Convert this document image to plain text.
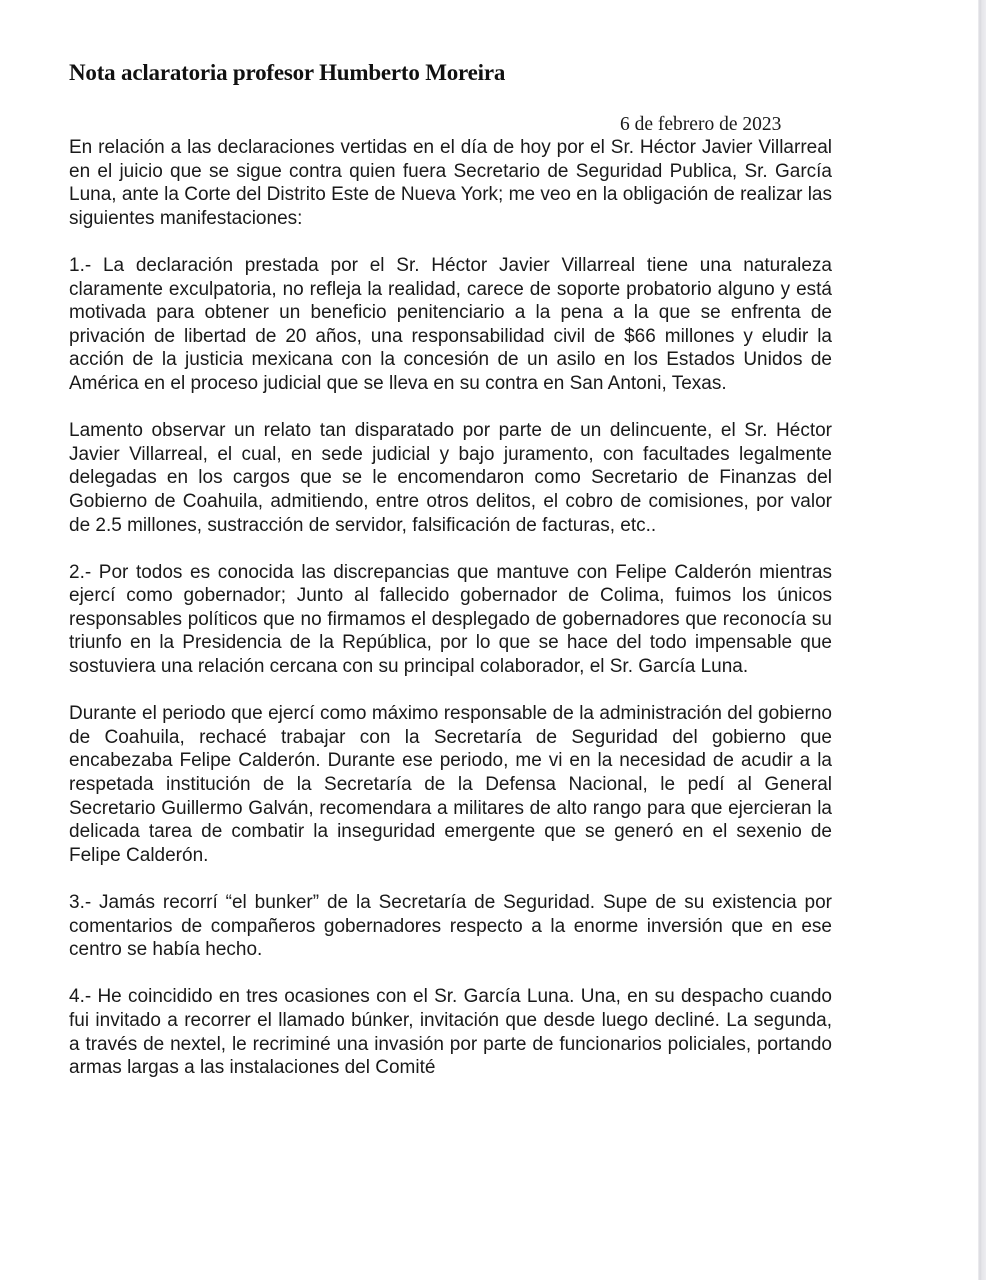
Nota aclaratoria profesor Humberto Moreira
6 de febrero de 2023

En relación a las declaraciones vertidas en el día de hoy por el Sr. Héctor Javier Villarreal en el juicio que se sigue contra quien fuera Secretario de Seguridad Publica, Sr. García Luna, ante la Corte del Distrito Este de Nueva York; me veo en la obligación de realizar las siguientes manifestaciones:

1.- La declaración prestada por el Sr. Héctor Javier Villarreal tiene una naturaleza claramente exculpatoria, no refleja la realidad, carece de soporte probatorio alguno y está motivada para obtener un beneficio penitenciario a la pena a la que se enfrenta de privación de libertad de 20 años, una responsabilidad civil de $66 millones y eludir la acción de la justicia mexicana con la concesión de un asilo en los Estados Unidos de América en el proceso judicial que se lleva en su contra en San Antoni, Texas.

Lamento observar un relato tan disparatado por parte de un delincuente, el Sr. Héctor Javier Villarreal, el cual, en sede judicial y bajo juramento, con facultades legalmente delegadas en los cargos que se le encomendaron como Secretario de Finanzas del Gobierno de Coahuila, admitiendo, entre otros delitos, el cobro de comisiones, por valor de 2.5 millones, sustracción de servidor, falsificación de facturas, etc..

2.- Por todos es conocida las discrepancias que mantuve con Felipe Calderón mientras ejercí como gobernador; Junto al fallecido gobernador de Colima, fuimos los únicos responsables políticos que no firmamos el desplegado de gobernadores que reconocía su triunfo en la Presidencia de la República, por lo que se hace del todo impensable que sostuviera una relación cercana con su principal colaborador, el Sr. García Luna.

Durante el periodo que ejercí como máximo responsable de la administración del gobierno de Coahuila, rechacé trabajar con la Secretaría de Seguridad del gobierno que encabezaba Felipe Calderón. Durante ese periodo, me vi en la necesidad de acudir a la respetada institución de la Secretaría de la Defensa Nacional, le pedí al General Secretario Guillermo Galván, recomendara a militares de alto rango para que ejercieran la delicada tarea de combatir la inseguridad emergente que se generó en el sexenio de Felipe Calderón.

3.- Jamás recorrí “el bunker” de la Secretaría de Seguridad. Supe de su existencia por comentarios de compañeros gobernadores respecto a la enorme inversión que en ese centro se había hecho.

4.- He coincidido en tres ocasiones con el Sr. García Luna. Una, en su despacho cuando fui invitado a recorrer el llamado búnker, invitación que desde luego decliné. La segunda, a través de nextel, le recriminé una invasión por parte de funcionarios policiales, portando armas largas a las instalaciones del Comité
